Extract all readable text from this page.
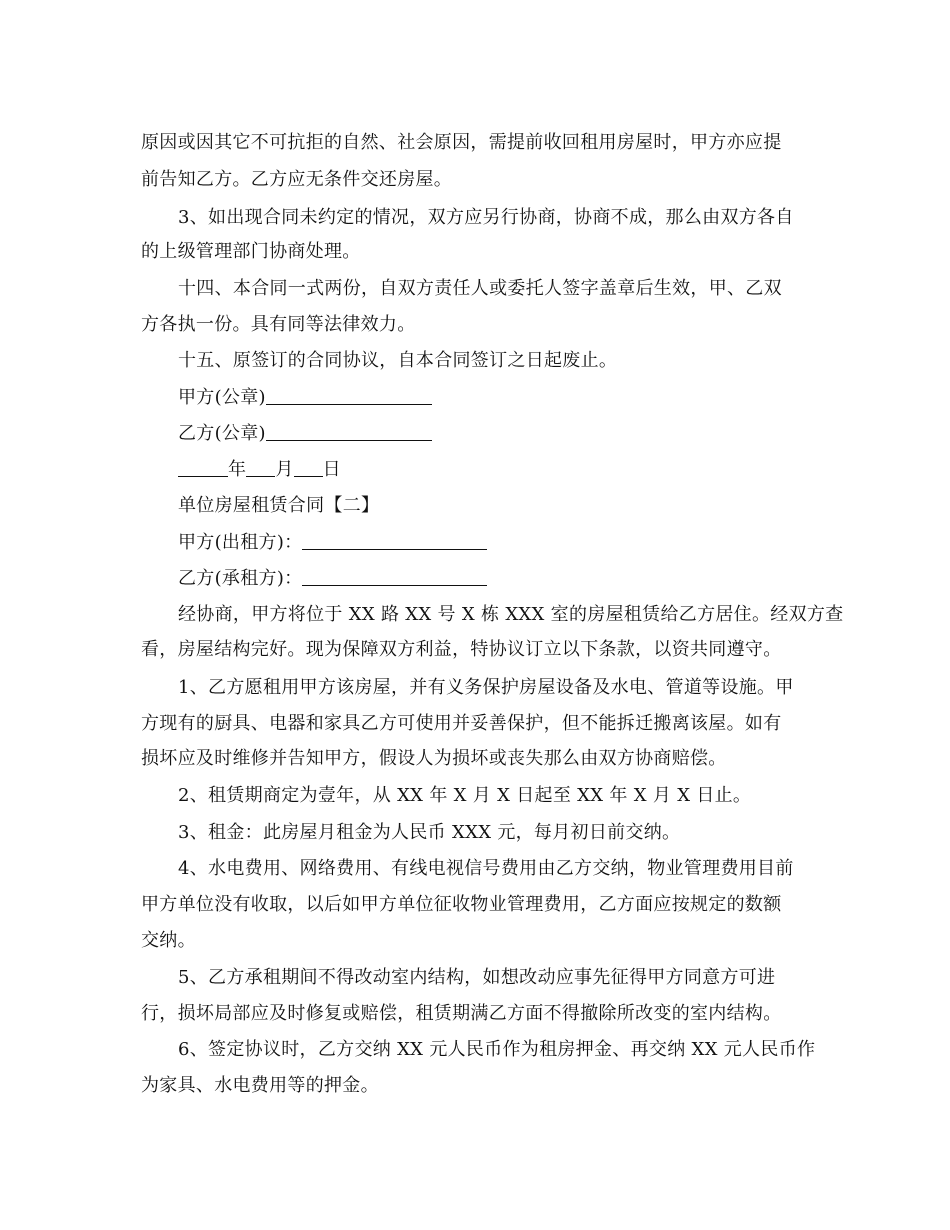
原因或因其它不可抗拒的自然、社会原因，需提前收回租用房屋时，甲方亦应提
前告知乙方。乙方应无条件交还房屋。
3、如出现合同未约定的情况，双方应另行协商，协商不成，那么由双方各自
的上级管理部门协商处理。
十四、本合同一式两份，自双方责任人或委托人签字盖章后生效，甲、乙双
方各执一份。具有同等法律效力。
十五、原签订的合同协议，自本合同签订之日起废止。
甲方(公章)
乙方(公章)
年 月 日
单位房屋租赁合同【二】
甲方(出租方)：
乙方(承租方)：
经协商，甲方将位于 XX 路 XX 号 X 栋 XXX 室的房屋租赁给乙方居住。经双方查
看，房屋结构完好。现为保障双方利益，特协议订立以下条款，以资共同遵守。
1、乙方愿租用甲方该房屋，并有义务保护房屋设备及水电、管道等设施。甲
方现有的厨具、电器和家具乙方可使用并妥善保护，但不能拆迁搬离该屋。如有
损坏应及时维修并告知甲方，假设人为损坏或丧失那么由双方协商赔偿。
2、租赁期商定为壹年，从 XX 年 X 月 X 日起至 XX 年 X 月 X 日止。
3、租金：此房屋月租金为人民币 XXX 元，每月初日前交纳。
4、水电费用、网络费用、有线电视信号费用由乙方交纳，物业管理费用目前
甲方单位没有收取，以后如甲方单位征收物业管理费用，乙方面应按规定的数额
交纳。
5、乙方承租期间不得改动室内结构，如想改动应事先征得甲方同意方可进
行，损坏局部应及时修复或赔偿，租赁期满乙方面不得撤除所改变的室内结构。
6、签定协议时，乙方交纳 XX 元人民币作为租房押金、再交纳 XX 元人民币作
为家具、水电费用等的押金。
